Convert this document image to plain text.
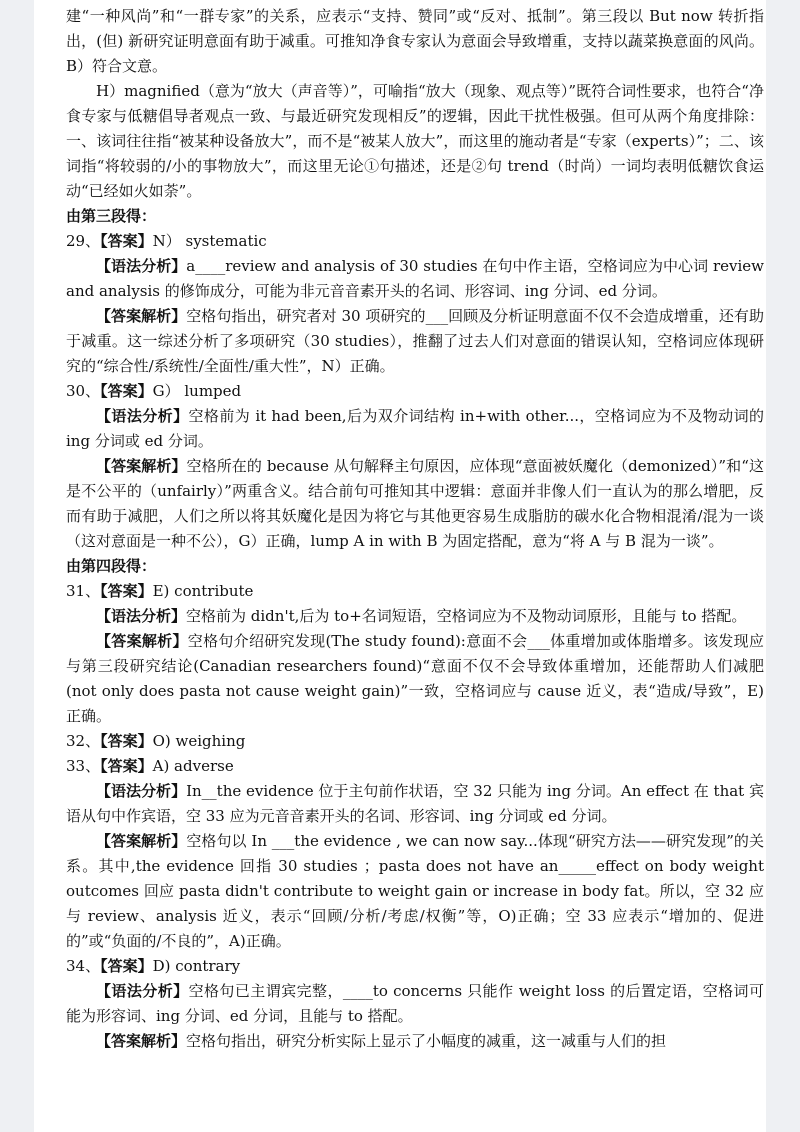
建“一种风尚”和“一群专家”的关系，应表示“支持、赞同”或“反对、抵制”。第三段以 But now 转折指出，(但) 新研究证明意面有助于减重。可推知净食专家认为意面会导致增重，支持以蔬菜换意面的风尚。B）符合文意。

H）magnified（意为“放大（声音等）”，可喻指“放大（现象、观点等）”既符合词性要求，也符合“净食专家与低糖倡导者观点一致、与最近研究发现相反”的逻辑，因此干扰性极强。但可从两个角度排除：一、该词往往指“被某种设备放大”，而不是“被某人放大”，而这里的施动者是“专家（experts）”；二、该词指“将较弱的/小的事物放大”，而这里无论①句描述，还是②句 trend（时尚）一词均表明低糖饮食运动“已经如火如荼”。

由第三段得：

29、【答案】N） systematic

【语法分析】a____review and analysis of 30 studies 在句中作主语，空格词应为中心词 review and analysis 的修饰成分，可能为非元音音素开头的名词、形容词、ing 分词、ed 分词。

【答案解析】空格句指出，研究者对 30 项研究的___回顾及分析证明意面不仅不会造成增重，还有助于减重。这一综述分析了多项研究（30 studies），推翻了过去人们对意面的错误认知，空格词应体现研究的“综合性/系统性/全面性/重大性”，N）正确。

30、【答案】G） lumped

【语法分析】空格前为 it had been,后为双介词结构 in+with other...，空格词应为不及物动词的 ing 分词或 ed 分词。

【答案解析】空格所在的 because 从句解释主句原因，应体现“意面被妖魔化（demonized）”和“这是不公平的（unfairly）”两重含义。结合前句可推知其中逻辑：意面并非像人们一直认为的那么增肥，反而有助于减肥，人们之所以将其妖魔化是因为将它与其他更容易生成脂肪的碳水化合物相混淆/混为一谈（这对意面是一种不公），G）正确，lump A in with B 为固定搭配，意为“将 A 与 B 混为一谈”。

由第四段得：

31、【答案】E) contribute

【语法分析】空格前为 didn't,后为 to+名词短语，空格词应为不及物动词原形，且能与 to 搭配。

【答案解析】空格句介绍研究发现(The study found):意面不会___体重增加或体脂增多。该发现应与第三段研究结论(Canadian researchers found)“意面不仅不会导致体重增加，还能帮助人们减肥(not only does pasta not cause weight gain)”一致，空格词应与 cause 近义，表“造成/导致”，E)正确。

32、【答案】O) weighing

33、【答案】A) adverse

【语法分析】In__the evidence 位于主句前作状语，空 32 只能为 ing 分词。An effect 在 that 宾语从句中作宾语，空 33 应为元音音素开头的名词、形容词、ing 分词或 ed 分词。

【答案解析】空格句以 In ___the evidence , we can now say...体现“研究方法——研究发现”的关系。其中,the evidence 回指 30 studies ；pasta does not have an_____effect on body weight outcomes 回应 pasta didn't contribute to weight gain or increase in body fat。所以，空 32 应与 review、analysis 近义，表示“回顾/分析/考虑/权衡”等，O)正确；空 33 应表示“增加的、促进的”或“负面的/不良的”，A)正确。

34、【答案】D) contrary

【语法分析】空格句已主谓宾完整，____to concerns 只能作 weight loss 的后置定语，空格词可能为形容词、ing 分词、ed 分词，且能与 to 搭配。

【答案解析】空格句指出，研究分析实际上显示了小幅度的减重，这一减重与人们的担
